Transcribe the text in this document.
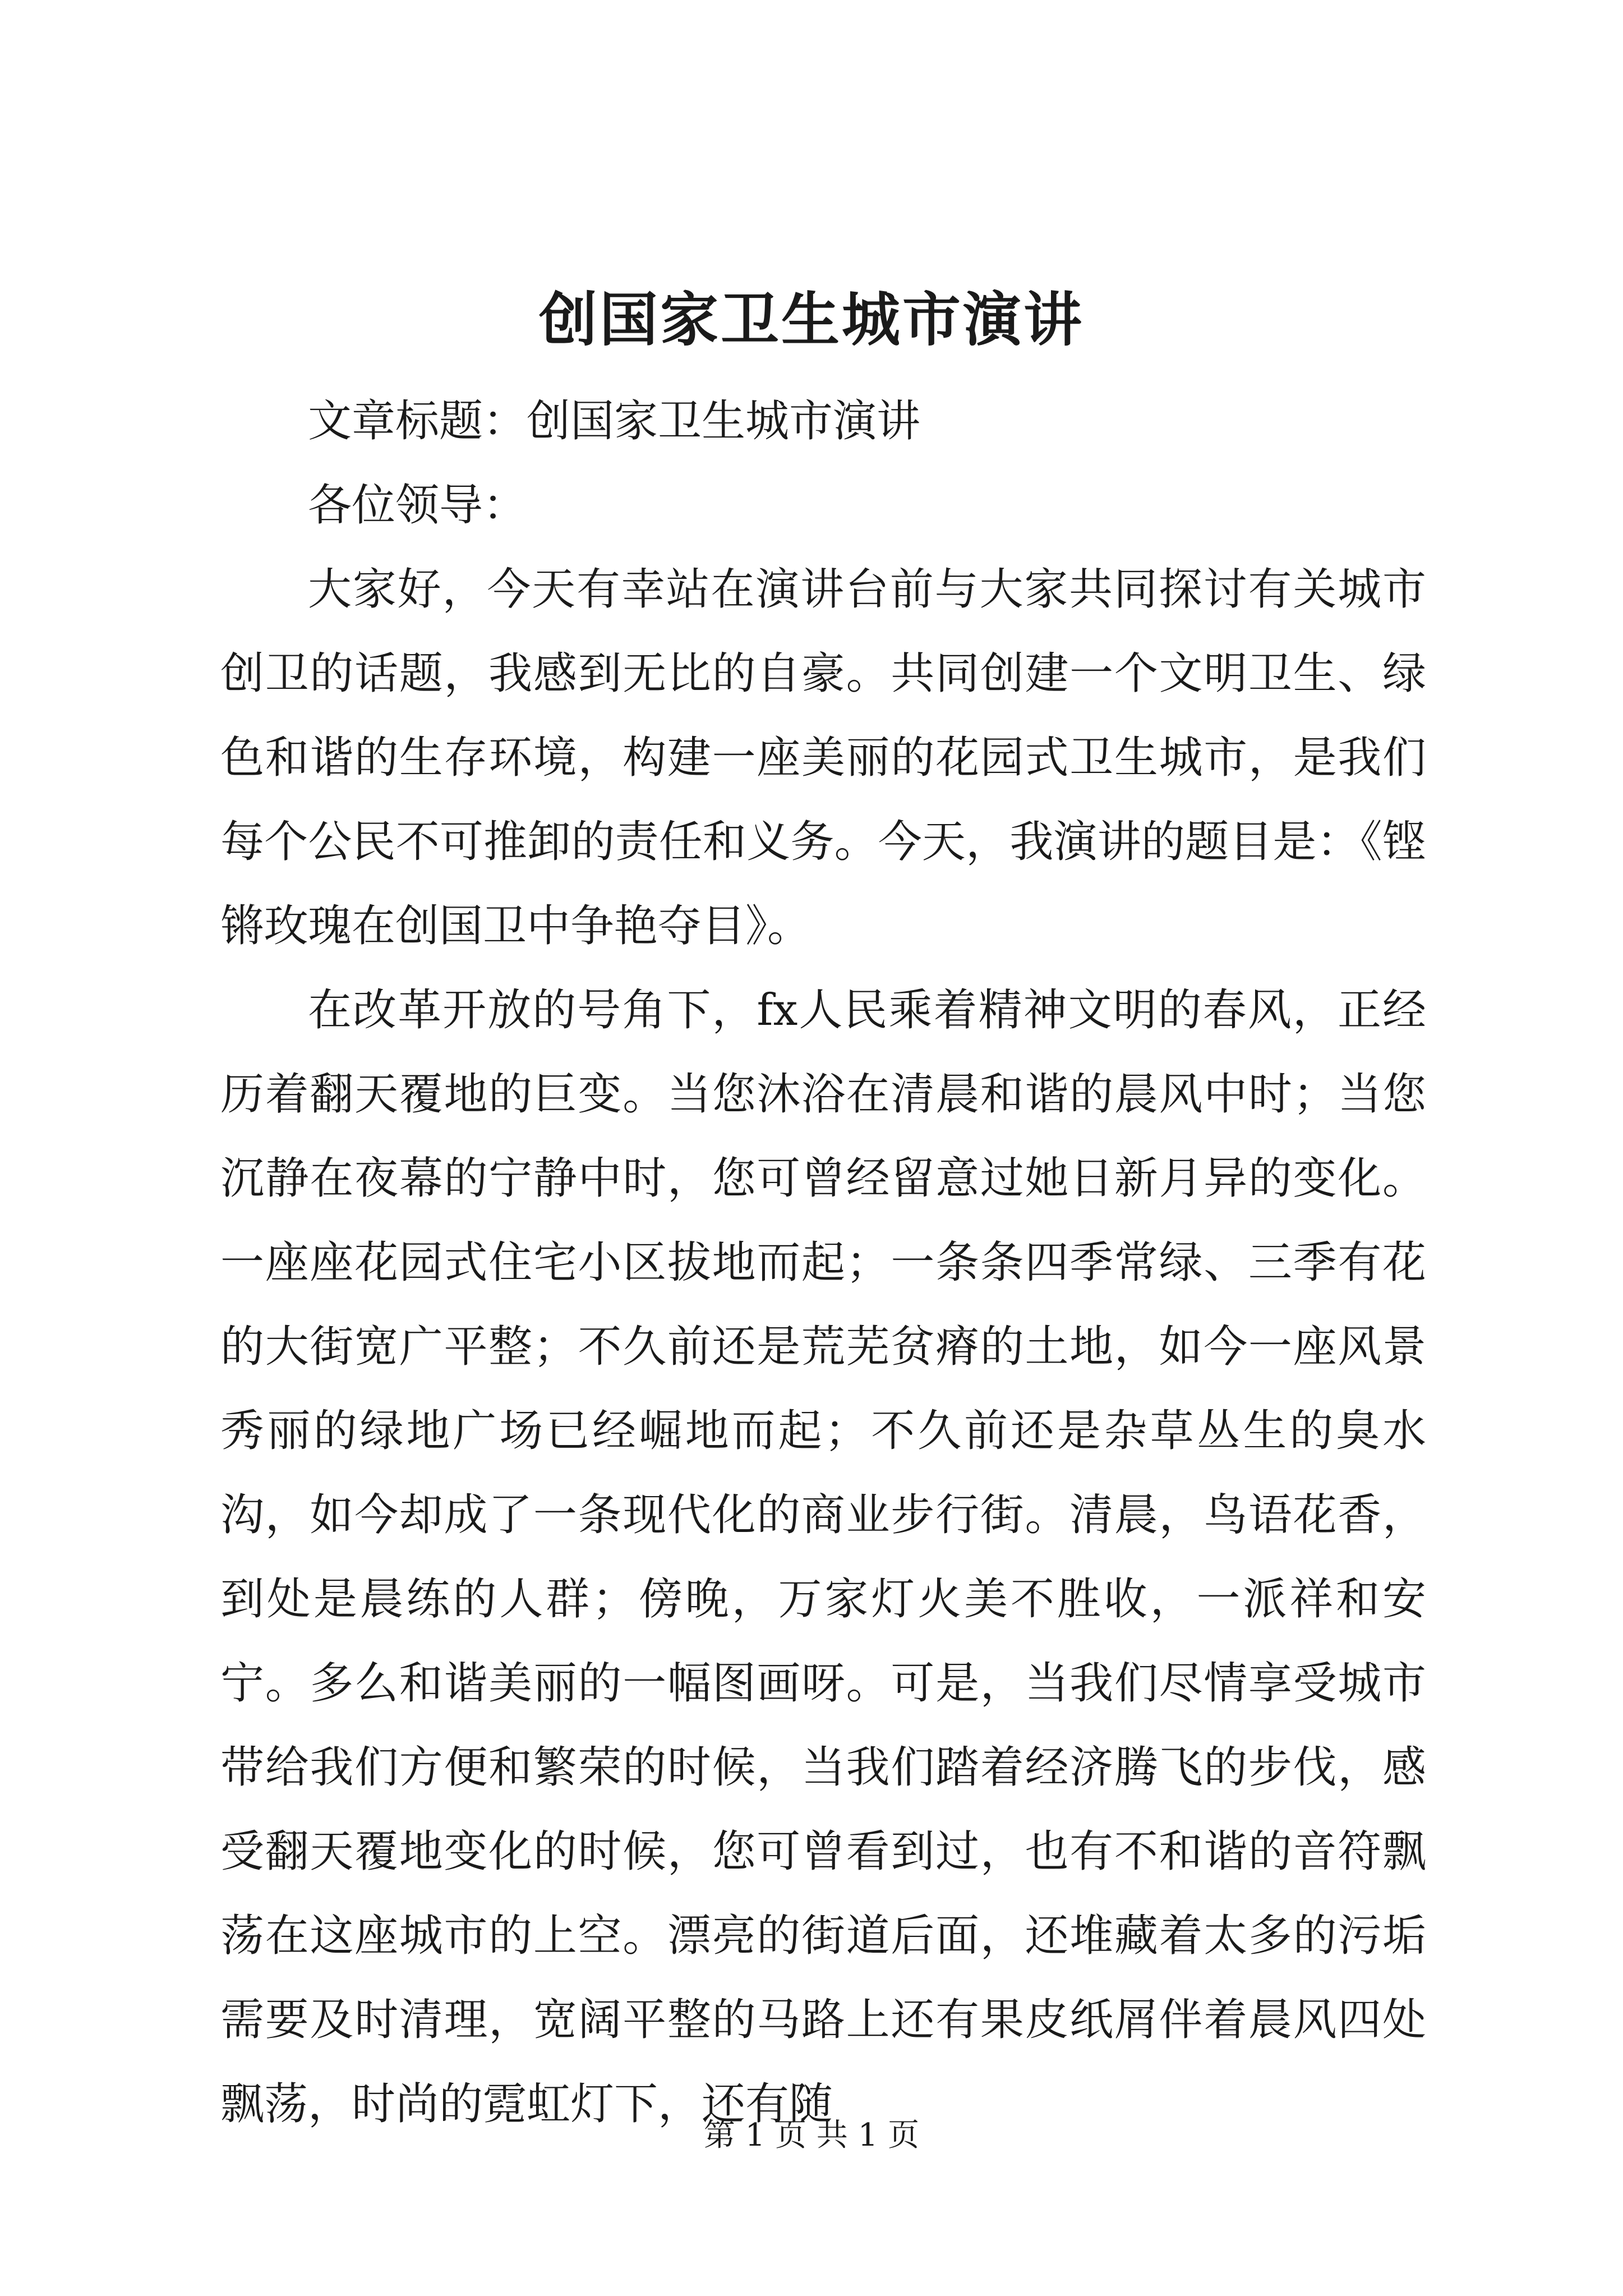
创国家卫生城市演讲

文章标题：创国家卫生城市演讲

各位领导：

大家好，今天有幸站在演讲台前与大家共同探讨有关城市创卫的话题，我感到无比的自豪。共同创建一个文明卫生、绿色和谐的生存环境，构建一座美丽的花园式卫生城市，是我们每个公民不可推卸的责任和义务。今天，我演讲的题目是：《铿锵玫瑰在创国卫中争艳夺目》。

在改革开放的号角下，fx人民乘着精神文明的春风，正经历着翻天覆地的巨变。当您沐浴在清晨和谐的晨风中时；当您沉静在夜幕的宁静中时，您可曾经留意过她日新月异的变化。一座座花园式住宅小区拔地而起；一条条四季常绿、三季有花的大街宽广平整；不久前还是荒芜贫瘠的土地，如今一座风景秀丽的绿地广场已经崛地而起；不久前还是杂草丛生的臭水沟，如今却成了一条现代化的商业步行街。清晨，鸟语花香，到处是晨练的人群；傍晚，万家灯火美不胜收，一派祥和安宁。多么和谐美丽的一幅图画呀。可是，当我们尽情享受城市带给我们方便和繁荣的时候，当我们踏着经济腾飞的步伐，感受翻天覆地变化的时候，您可曾看到过，也有不和谐的音符飘荡在这座城市的上空。漂亮的街道后面，还堆藏着太多的污垢需要及时清理，宽阔平整的马路上还有果皮纸屑伴着晨风四处飘荡，时尚的霓虹灯下，还有随

第 1 页 共 1 页
